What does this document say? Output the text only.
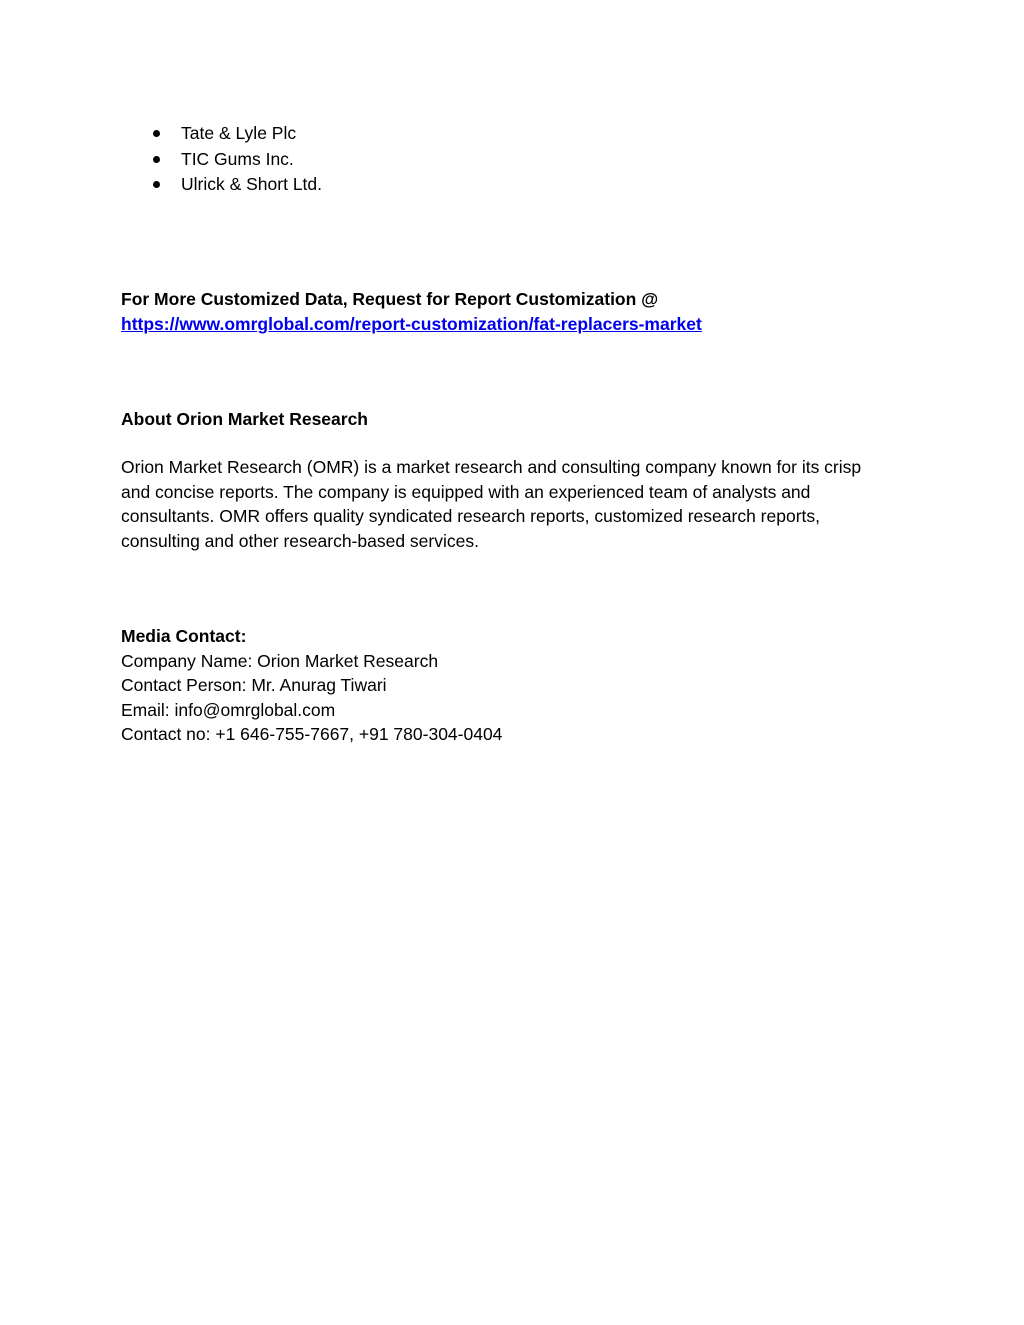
Tate & Lyle Plc
TIC Gums Inc.
Ulrick & Short Ltd.
For More Customized Data, Request for Report Customization @
https://www.omrglobal.com/report-customization/fat-replacers-market
About Orion Market Research
Orion Market Research (OMR) is a market research and consulting company known for its crisp
and concise reports. The company is equipped with an experienced team of analysts and
consultants. OMR offers quality syndicated research reports, customized research reports,
consulting and other research-based services.
Media Contact:
Company Name: Orion Market Research
Contact Person: Mr. Anurag Tiwari
Email: info@omrglobal.com
Contact no: +1 646-755-7667, +91 780-304-0404
